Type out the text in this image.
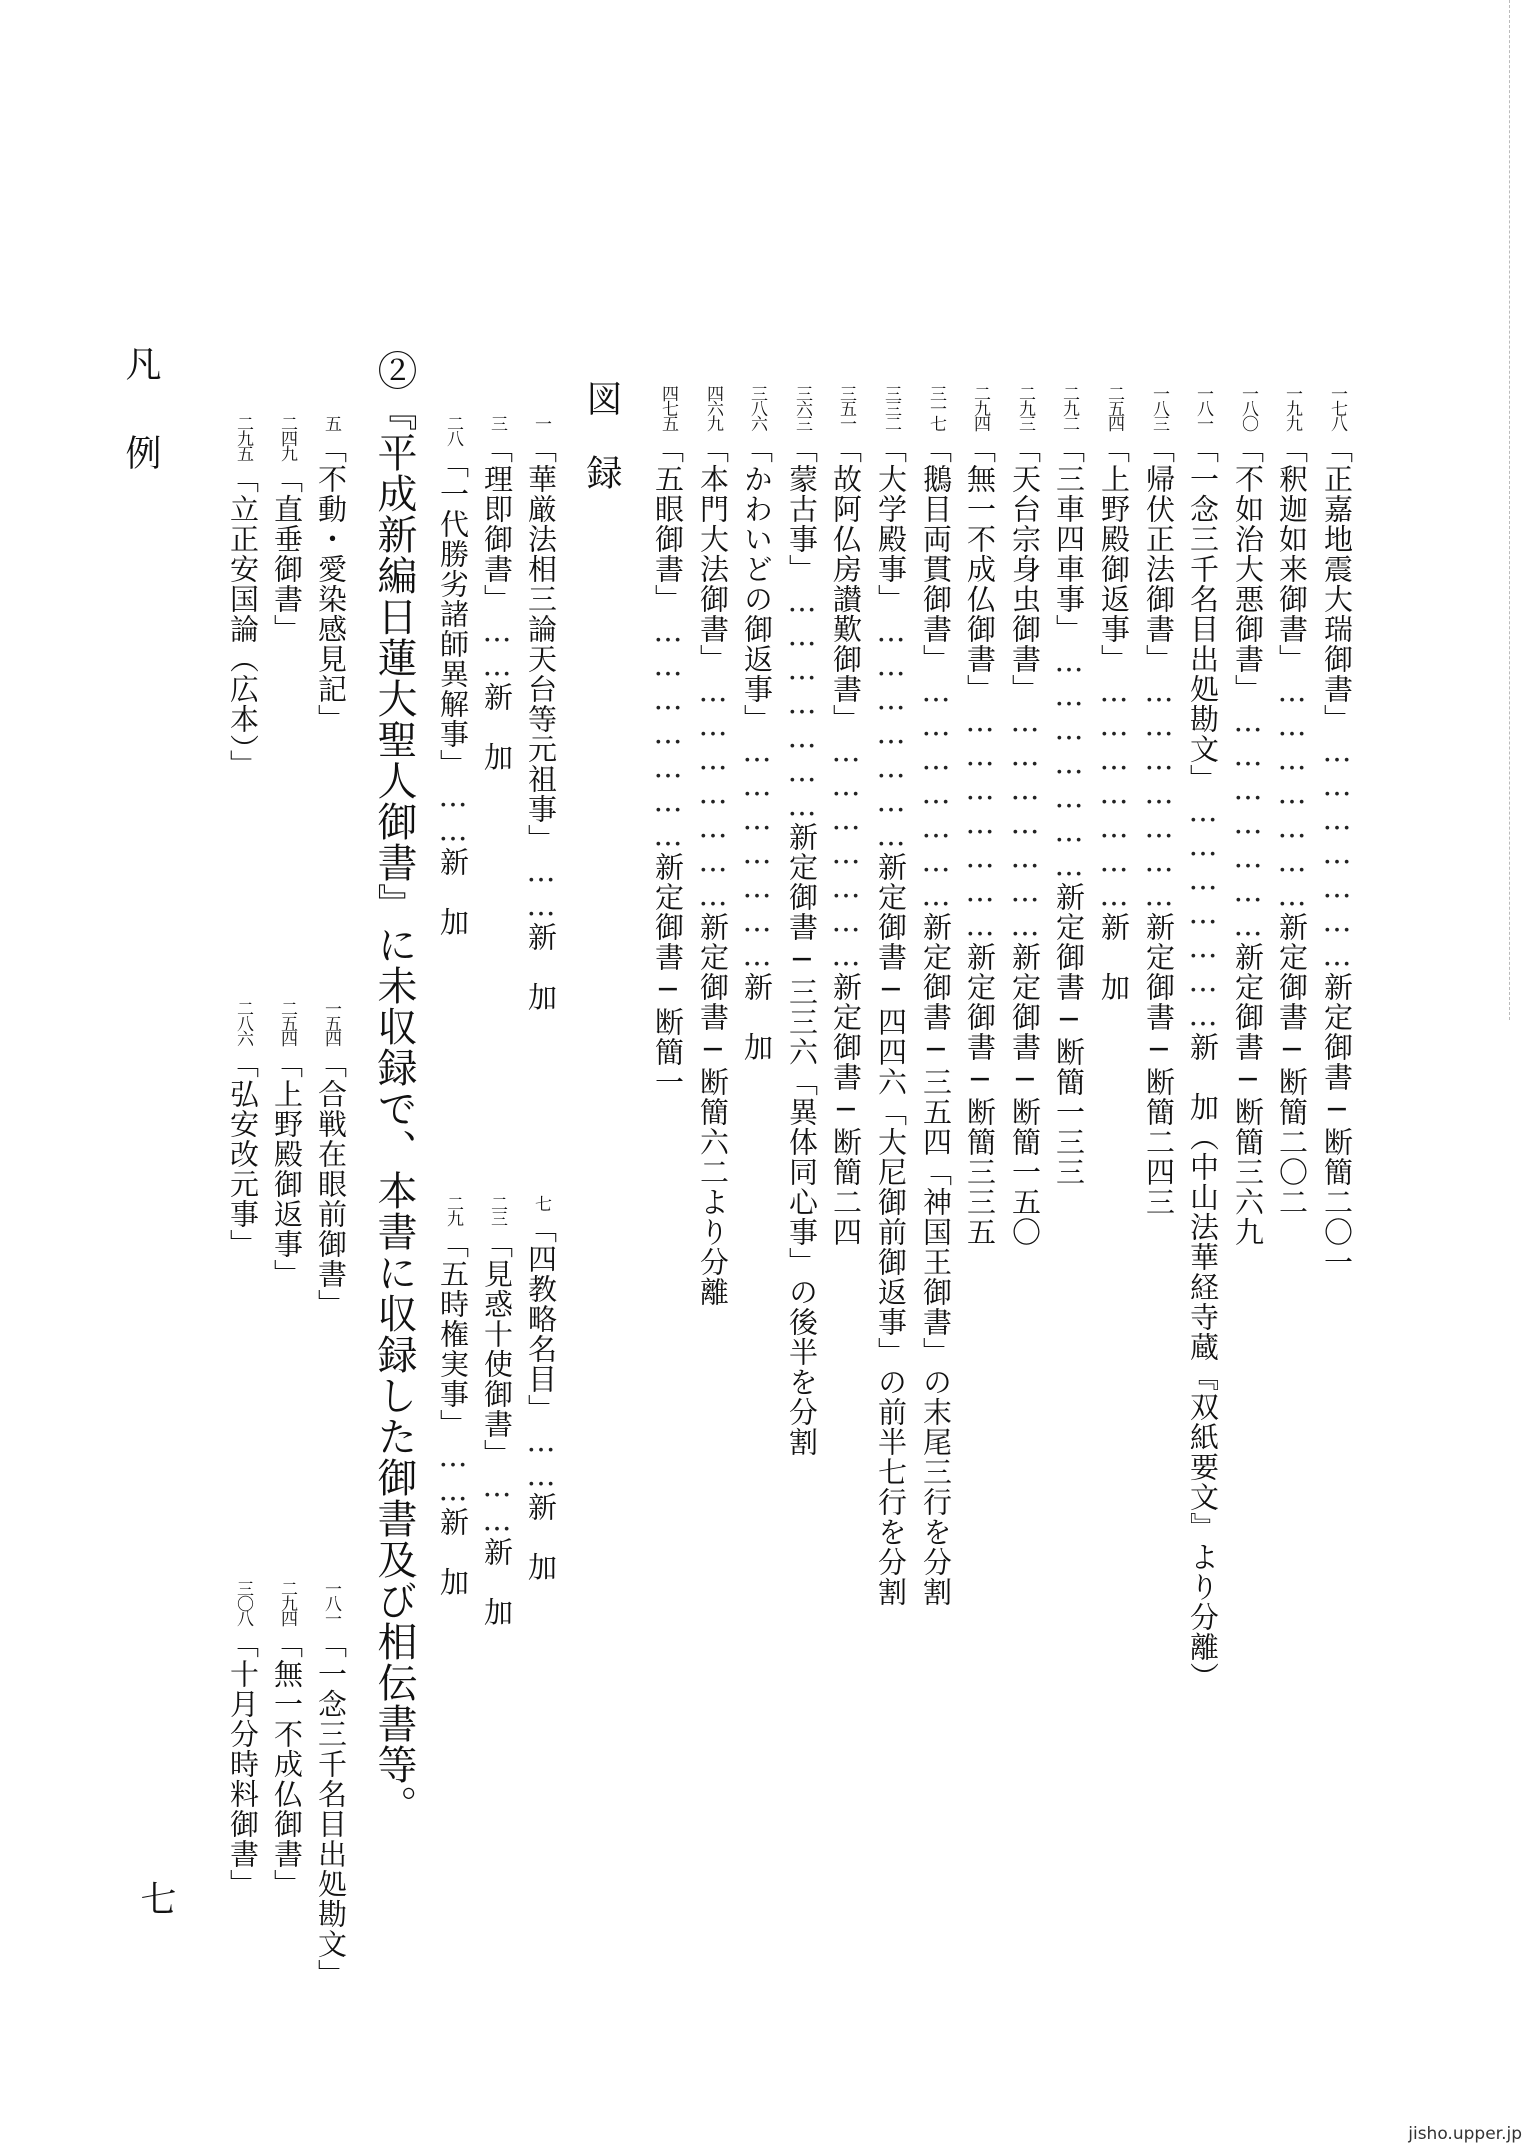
一七八「正嘉地震大瑞御書」…………………新定御書─断簡二〇一
一九九「釈迦如来御書」…………………新定御書─断簡二〇二
一八〇「不如治大悪御書」…………………新定御書─断簡三六九
一八一「一念三千名目出処勘文」…………………新　加（中山法華経寺蔵『双紙要文』より分離）
一八三「帰伏正法御書」…………………新定御書─断簡二四三
二五四「上野殿御返事」…………………新　加
二九二「三車四車事」…………………新定御書─断簡一三三
二九三「天台宗身虫御書」…………………新定御書─断簡一五〇
二九四「無一不成仏御書」…………………新定御書─断簡三三五
三一七「鵝目両貫御書」…………………新定御書─三五四「神国王御書」の末尾三行を分割
三三二「大学殿事」…………………新定御書─四四六「大尼御前御返事」の前半七行を分割
三五一「故阿仏房讃歎御書」…………………新定御書─断簡二四
三六三「蒙古事」…………………新定御書─三三六「異体同心事」の後半を分割
三八六「かわいどの御返事」…………………新　加
四六九「本門大法御書」…………………新定御書─断簡六二より分離
四七五「五眼御書」…………………新定御書─断簡一
図　録
一「華厳法相三論天台等元祖事」……新　加
三「理即御書」……新　加
二八「一代勝劣諸師異解事」……新　加
七「四教略名目」……新　加
二三「見惑十使御書」……新　加
二九「五時権実事」……新　加
②『平成新編日蓮大聖人御書』に未収録で、本書に収録した御書及び相伝書等。
五「不動・愛染感見記」
二四九「直垂御書」
二九五「立正安国論（広本）」
一五四「合戦在眼前御書」
二五四「上野殿御返事」
二八六「弘安改元事」
一八一「一念三千名目出処勘文」
二九四「無一不成仏御書」
三〇八「十月分時料御書」
凡例
七
jisho.upper.jp
